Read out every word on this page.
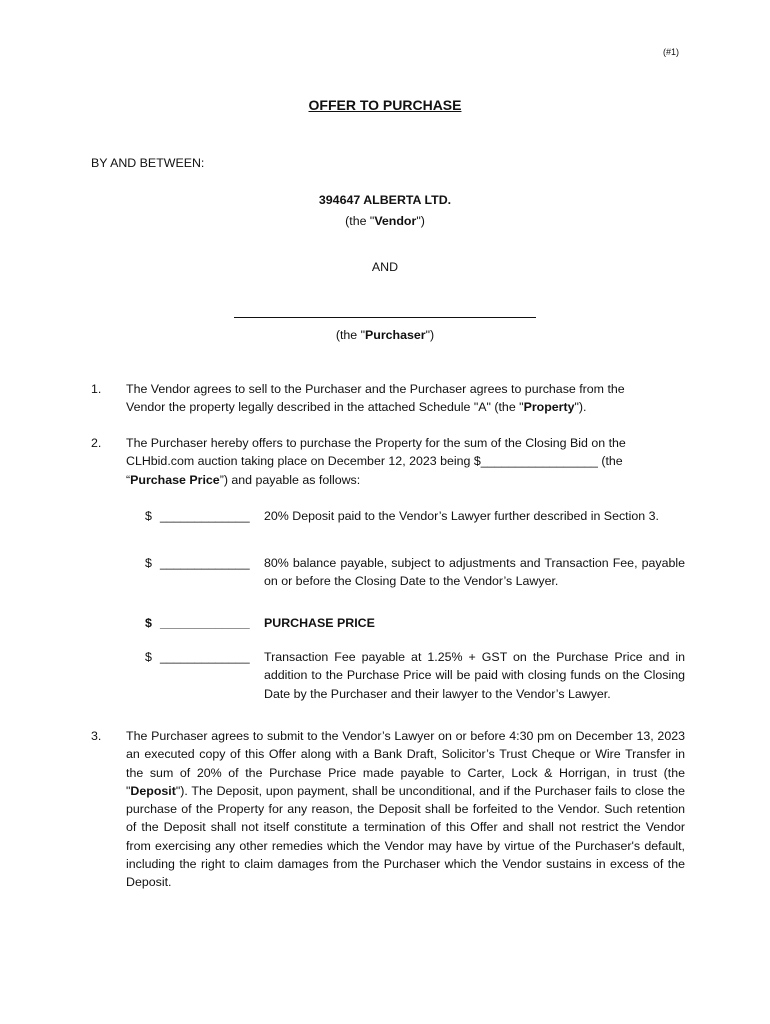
(#1)
OFFER TO PURCHASE
BY AND BETWEEN:
394647 ALBERTA LTD.
(the "Vendor")
AND
(the "Purchaser")
1. The Vendor agrees to sell to the Purchaser and the Purchaser agrees to purchase from the

Vendor the property legally described in the attached Schedule "A" (the "Property").

2. The Purchaser hereby offers to purchase the Property for the sum of the Closing Bid on the

CLHbid.com auction taking place on December 12, 2023 being $_________________ (the

“Purchase Price”) and payable as follows:

$ _____________ 20% Deposit paid to the Vendor’s Lawyer further described in Section 3.
$ _____________ 80% balance payable, subject to adjustments and Transaction Fee, payable on or before the Closing Date to the Vendor’s Lawyer.
$ _____________ PURCHASE PRICE
$ _____________ Transaction Fee payable at 1.25% + GST on the Purchase Price and in addition to the Purchase Price will be paid with closing funds on the Closing Date by the Purchaser and their lawyer to the Vendor’s Lawyer.
3. The Purchaser agrees to submit to the Vendor’s Lawyer on or before 4:30 pm on December 13, 2023 an executed copy of this Offer along with a Bank Draft, Solicitor’s Trust Cheque or Wire Transfer in the sum of 20% of the Purchase Price made payable to Carter, Lock & Horrigan, in trust (the "Deposit"). The Deposit, upon payment, shall be unconditional, and if the Purchaser fails to close the purchase of the Property for any reason, the Deposit shall be forfeited to the Vendor. Such retention of the Deposit shall not itself constitute a termination of this Offer and shall not restrict the Vendor from exercising any other remedies which the Vendor may have by virtue of the Purchaser's default, including the right to claim damages from the Purchaser which the Vendor sustains in excess of the Deposit.
